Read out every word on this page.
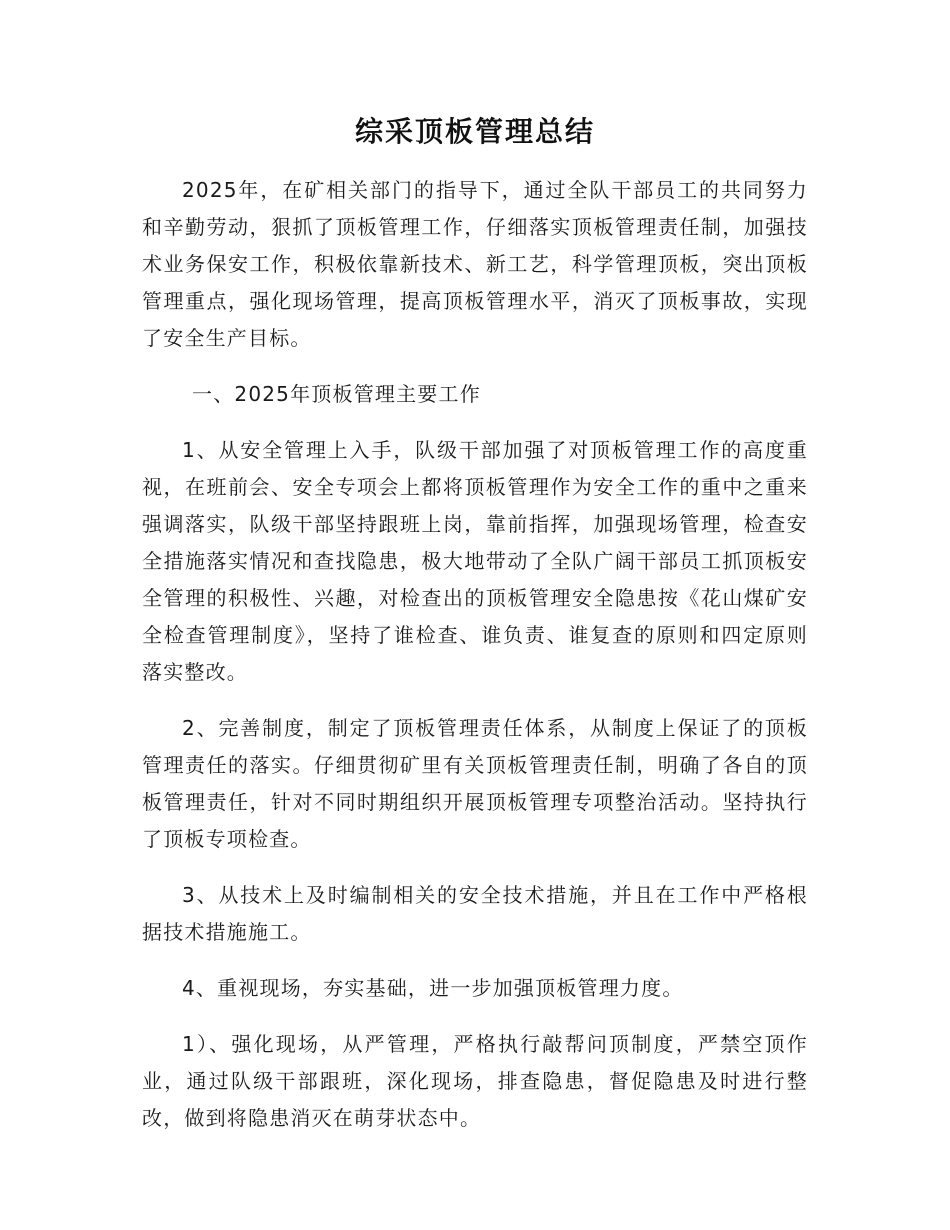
综采顶板管理总结

2025年，在矿相关部门的指导下，通过全队干部员工的共同努力和辛勤劳动，狠抓了顶板管理工作，仔细落实顶板管理责任制，加强技术业务保安工作，积极依靠新技术、新工艺，科学管理顶板，突出顶板管理重点，强化现场管理，提高顶板管理水平，消灭了顶板事故，实现了安全生产目标。

一、2025年顶板管理主要工作

1、从安全管理上入手，队级干部加强了对顶板管理工作的高度重视，在班前会、安全专项会上都将顶板管理作为安全工作的重中之重来强调落实，队级干部坚持跟班上岗，靠前指挥，加强现场管理，检查安全措施落实情况和查找隐患，极大地带动了全队广阔干部员工抓顶板安全管理的积极性、兴趣，对检查出的顶板管理安全隐患按《花山煤矿安全检查管理制度》，坚持了谁检查、谁负责、谁复查的原则和四定原则落实整改。

2、完善制度，制定了顶板管理责任体系，从制度上保证了的顶板管理责任的落实。仔细贯彻矿里有关顶板管理责任制，明确了各自的顶板管理责任，针对不同时期组织开展顶板管理专项整治活动。坚持执行了顶板专项检查。

3、从技术上及时编制相关的安全技术措施，并且在工作中严格根据技术措施施工。

4、重视现场，夯实基础，进一步加强顶板管理力度。

1）、强化现场，从严管理，严格执行敲帮问顶制度，严禁空顶作业，通过队级干部跟班，深化现场，排查隐患，督促隐患及时进行整改，做到将隐患消灭在萌芽状态中。
